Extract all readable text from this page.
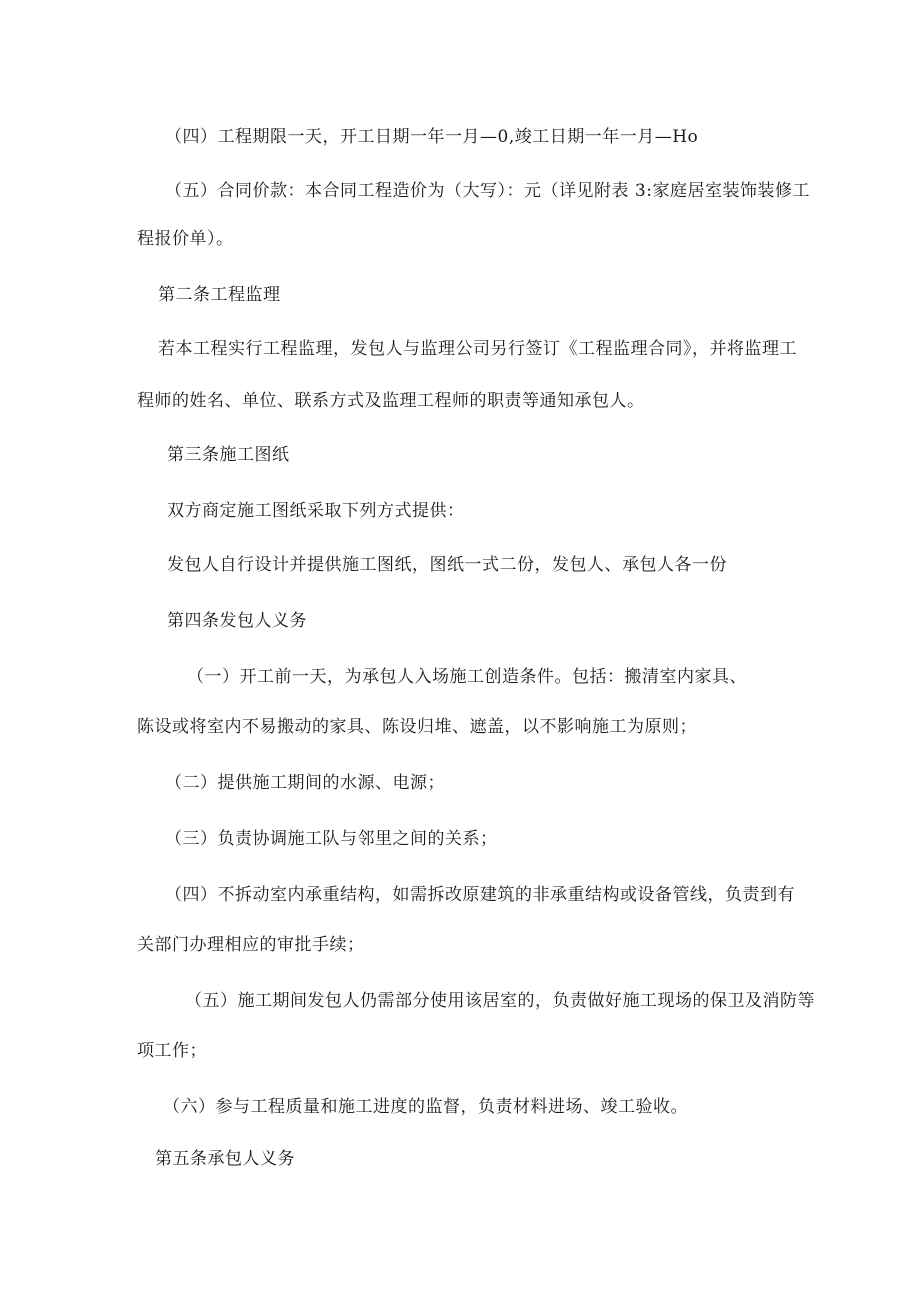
（四）工程期限一天，开工日期一年一月—0,竣工日期一年一月—Ho
（五）合同价款：本合同工程造价为（大写）：元（详见附表 3:家庭居室装饰装修工
程报价单）。
第二条工程监理
若本工程实行工程监理，发包人与监理公司另行签订《工程监理合同》，并将监理工
程师的姓名、单位、联系方式及监理工程师的职责等通知承包人。
第三条施工图纸
双方商定施工图纸采取下列方式提供：
发包人自行设计并提供施工图纸，图纸一式二份，发包人、承包人各一份
第四条发包人义务
（一）开工前一天，为承包人入场施工创造条件。包括：搬清室内家具、
陈设或将室内不易搬动的家具、陈设归堆、遮盖，以不影响施工为原则；
（二）提供施工期间的水源、电源；
（三）负责协调施工队与邻里之间的关系；
（四）不拆动室内承重结构，如需拆改原建筑的非承重结构或设备管线，负责到有
关部门办理相应的审批手续；
（五）施工期间发包人仍需部分使用该居室的，负责做好施工现场的保卫及消防等
项工作；
（六）参与工程质量和施工进度的监督，负责材料进场、竣工验收。
第五条承包人义务
